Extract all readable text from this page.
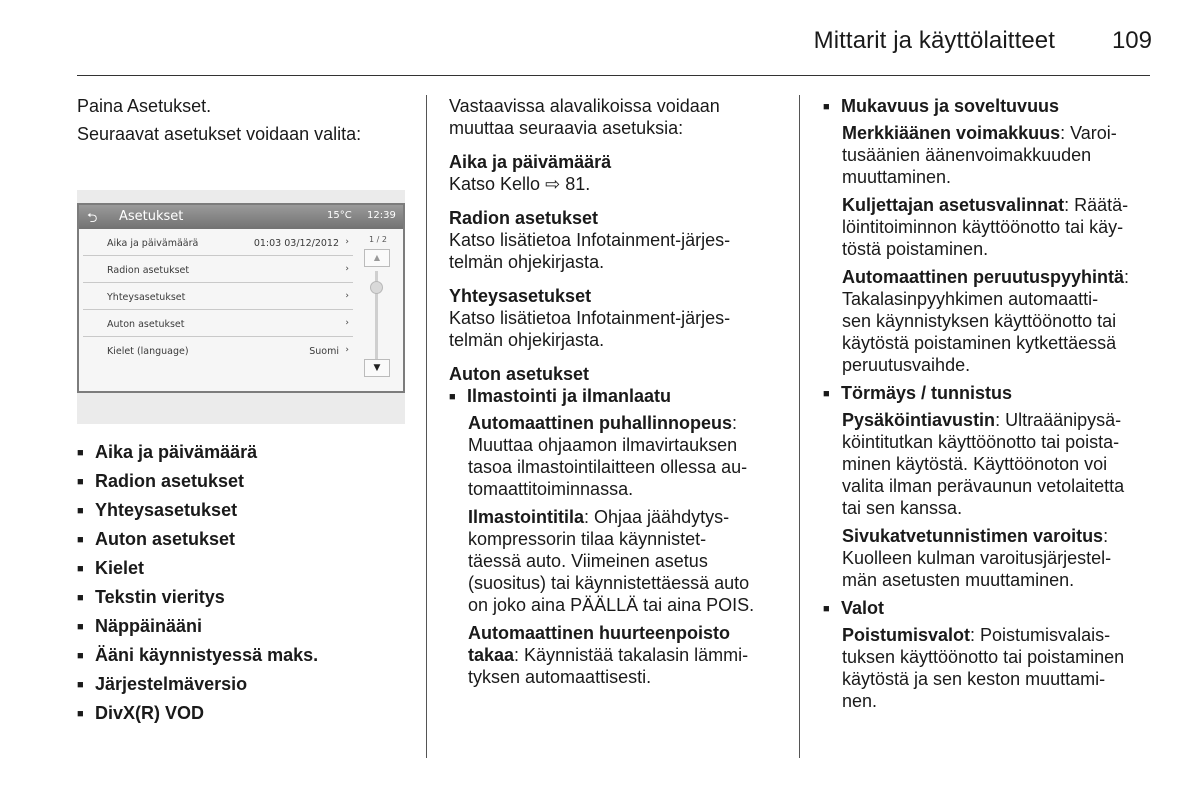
Mittarit ja käyttölaitteet 109

Paina Asetukset.

Seuraavat asetukset voidaan valita:

⮌ Asetukset	15°C 12:39
Aika ja päivämäärä	01:03 03/12/2012 ›
Radion asetukset	›
Yhteysasetukset	›
Auton asetukset	›
Kielet (language)	Suomi ›
1 / 2
▲
▼
■ Aika ja päivämäärä
■ Radion asetukset
■ Yhteysasetukset
■ Auton asetukset
■ Kielet
■ Tekstin vieritys
■ Näppäinääni
■ Ääni käynnistyessä maks.
■ Järjestelmäversio
■ DivX(R) VOD

Vastaavissa alavalikoissa voidaan
muuttaa seuraavia asetuksia:

Aika ja päivämäärä

Katso Kello ⇨ 81.

Radion asetukset

Katso lisätietoa Infotainment-järjes-
telmän ohjekirjasta.

Yhteysasetukset

Katso lisätietoa Infotainment-järjes-
telmän ohjekirjasta.

Auton asetukset

■ Ilmastointi ja ilmanlaatu

Automaattinen puhallinnopeus:
Muuttaa ohjaamon ilmavirtauksen
tasoa ilmastointilaitteen ollessa au-
tomaattitoiminnassa.

Ilmastointitila: Ohjaa jäähdytys-
kompressorin tilaa käynnistet-
täessä auto. Viimeinen asetus
(suositus) tai käynnistettäessä auto
on joko aina PÄÄLLÄ tai aina POIS.

Automaattinen huurteenpoisto
takaa: Käynnistää takalasin lämmi-
tyksen automaattisesti.

■ Mukavuus ja soveltuvuus

Merkkiäänen voimakkuus: Varoi-
tusäänien äänenvoimakkuuden
muuttaminen.

Kuljettajan asetusvalinnat: Räätä-
löintitoiminnon käyttöönotto tai käy-
töstä poistaminen.

Automaattinen peruutuspyyhintä:
Takalasinpyyhkimen automaatti-
sen käynnistyksen käyttöönotto tai
käytöstä poistaminen kytkettäessä
peruutusvaihde.

■ Törmäys / tunnistus

Pysäköintiavustin: Ultraäänipysä-
köintitutkan käyttöönotto tai poista-
minen käytöstä. Käyttöönoton voi
valita ilman perävaunun vetolaitetta
tai sen kanssa.

Sivukatvetunnistimen varoitus:
Kuolleen kulman varoitusjärjestel-
män asetusten muuttaminen.

■ Valot

Poistumisvalot: Poistumisvalais-
tuksen käyttöönotto tai poistaminen
käytöstä ja sen keston muuttami-
nen.
